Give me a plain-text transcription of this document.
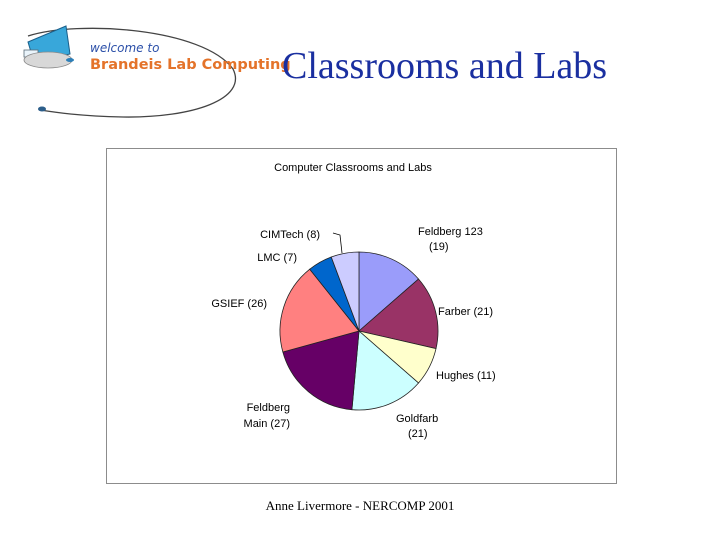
welcome to
Brandeis Lab Computing
Classrooms and Labs
Computer Classrooms and Labs
Feldberg 123 (19)
Farber (21)
Hughes (11)
Goldfarb (21)
Feldberg Main (27)
GSIEF (26)
LMC (7)
CIMTech (8)
Anne Livermore - NERCOMP 2001
